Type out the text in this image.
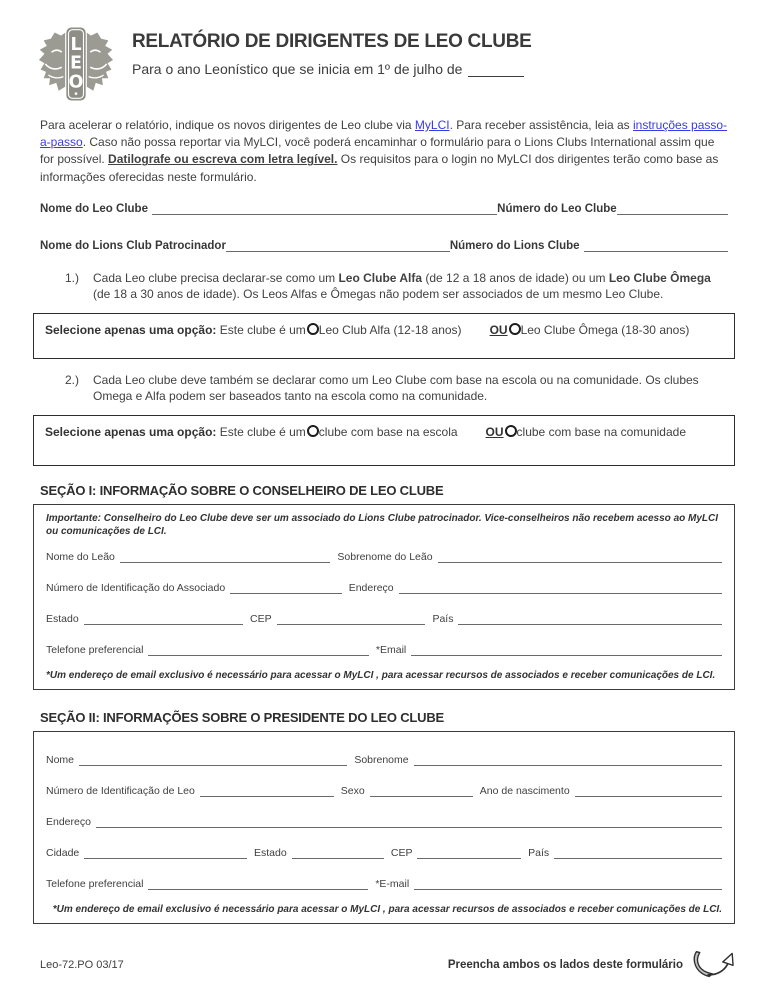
L
E
O
RELATÓRIO DE DIRIGENTES DE LEO CLUBE
Para o ano Leonístico que se inicia em 1º de julho de

Para acelerar o relatório, indique os novos dirigentes de Leo clube via MyLCI. Para receber assistência, leia as instruções passo-a-passo. Caso não possa reportar via MyLCI, você poderá encaminhar o formulário para o Lions Clubs International assim que for possível. Datilografe ou escreva com letra legível. Os requisitos para o login no MyLCI dos dirigentes terão como base as informações oferecidas neste formulário.

Nome do Leo Clube	Número do Leo Clube
Nome do Lions Club Patrocinador	Número do Lions Clube
1.)	Cada Leo clube precisa declarar-se como um Leo Clube Alfa (de 12 a 18 anos de idade) ou um Leo Clube Ômega (de 18 a 30 anos de idade). Os Leos Alfas e Ômegas não podem ser associados de um mesmo Leo Clube.
Selecione apenas uma opção: Este clube é um Leo Club Alfa (12-18 anos) OU Leo Clube Ômega (18-30 anos)
2.)	Cada Leo clube deve também se declarar como um Leo Clube com base na escola ou na comunidade. Os clubes Omega e Alfa podem ser baseados tanto na escola como na comunidade.
Selecione apenas uma opção: Este clube é um clube com base na escola OU clube com base na comunidade
SEÇÃO I: INFORMAÇÃO SOBRE O CONSELHEIRO DE LEO CLUBE
Importante: Conselheiro do Leo Clube deve ser um associado do Lions Clube patrocinador. Vice-conselheiros não recebem acesso ao MyLCI ou comunicações de LCI.
Nome do Leão	Sobrenome do Leão
Número de Identificação do Associado	Endereço
Estado	CEP	País
Telefone preferencial	*Email
*Um endereço de email exclusivo é necessário para acessar o MyLCI , para acessar recursos de associados e receber comunicações de LCI.
SEÇÃO II: INFORMAÇÕES SOBRE O PRESIDENTE DO LEO CLUBE
Nome	Sobrenome
Número de Identificação de Leo	Sexo	Ano de nascimento
Endereço
Cidade	Estado	CEP	País
Telefone preferencial	*E-mail
*Um endereço de email exclusivo é necessário para acessar o MyLCI , para acessar recursos de associados e receber comunicações de LCI.
Leo-72.PO 03/17	Preencha ambos os lados deste formulário
